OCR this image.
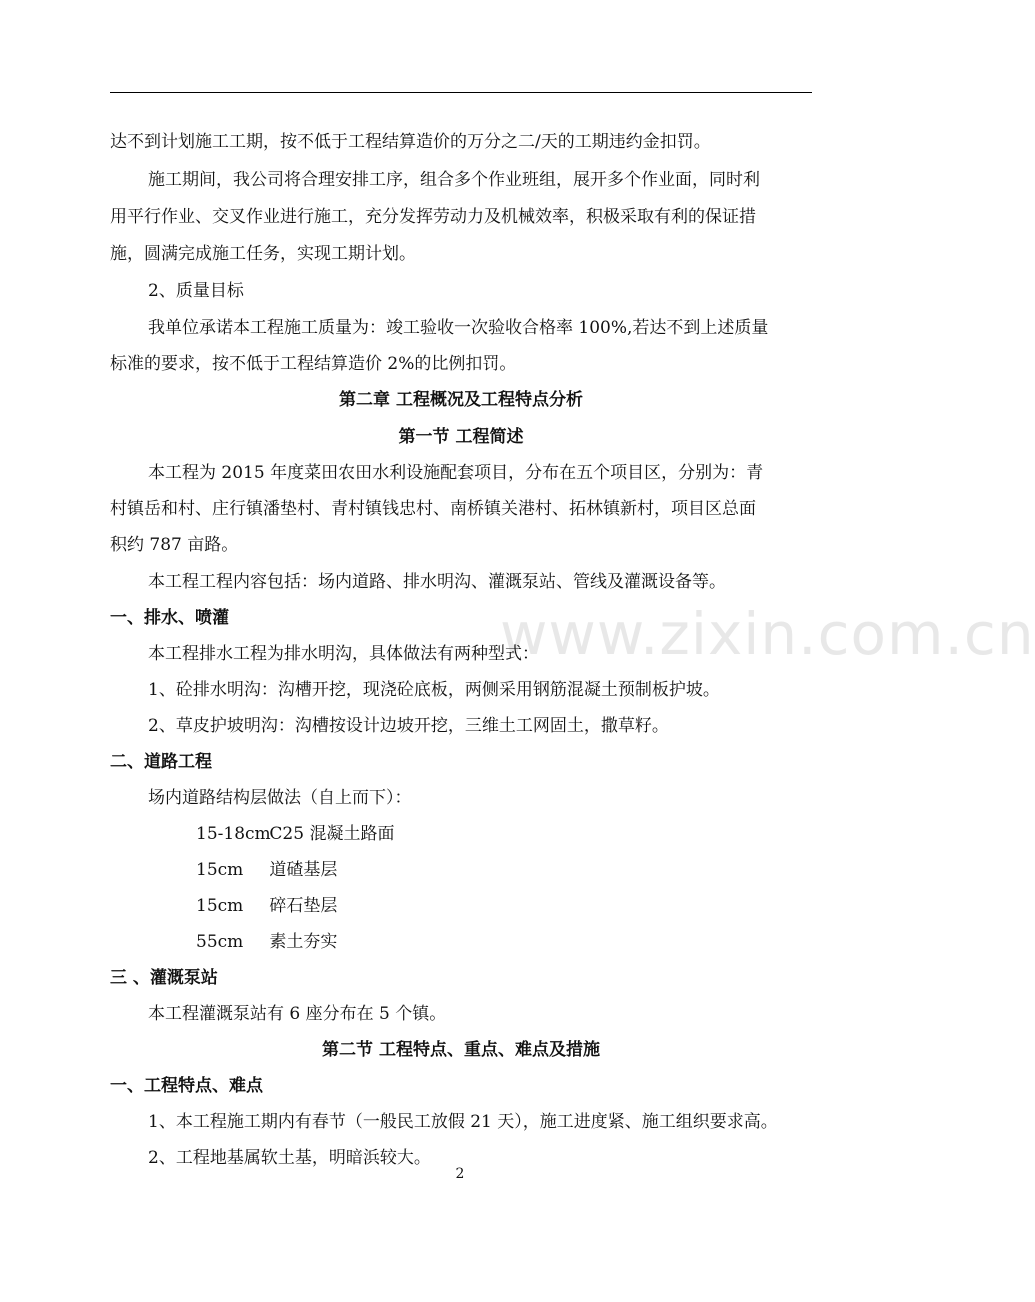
www.zixin.com.cn
达不到计划施工工期，按不低于工程结算造价的万分之二/天的工期违约金扣罚。
施工期间，我公司将合理安排工序，组合多个作业班组，展开多个作业面，同时利
用平行作业、交叉作业进行施工，充分发挥劳动力及机械效率，积极采取有利的保证措
施，圆满完成施工任务，实现工期计划。
2、质量目标
我单位承诺本工程施工质量为：竣工验收一次验收合格率 100%,若达不到上述质量
标准的要求，按不低于工程结算造价 2%的比例扣罚。
第二章 工程概况及工程特点分析
第一节 工程简述
本工程为 2015 年度菜田农田水利设施配套项目，分布在五个项目区，分别为：青
村镇岳和村、庄行镇潘垫村、青村镇钱忠村、南桥镇关港村、拓林镇新村，项目区总面
积约 787 亩路。
本工程工程内容包括：场内道路、排水明沟、灌溉泵站、管线及灌溉设备等。
一、排水、喷灌
本工程排水工程为排水明沟，具体做法有两种型式：
1、砼排水明沟：沟槽开挖，现浇砼底板，两侧采用钢筋混凝土预制板护坡。
2、草皮护坡明沟：沟槽按设计边坡开挖，三维土工网固土，撒草籽。
二、道路工程
场内道路结构层做法（自上而下）：
15-18cm C25 混凝土路面
15cm 道碴基层
15cm 碎石垫层
55cm 素土夯实
三 、灌溉泵站
本工程灌溉泵站有 6 座分布在 5 个镇。
第二节 工程特点、重点、难点及措施
一、工程特点、难点
1、本工程施工期内有春节（一般民工放假 21 天），施工进度紧、施工组织要求高。
2、工程地基属软土基，明暗浜较大。
2
